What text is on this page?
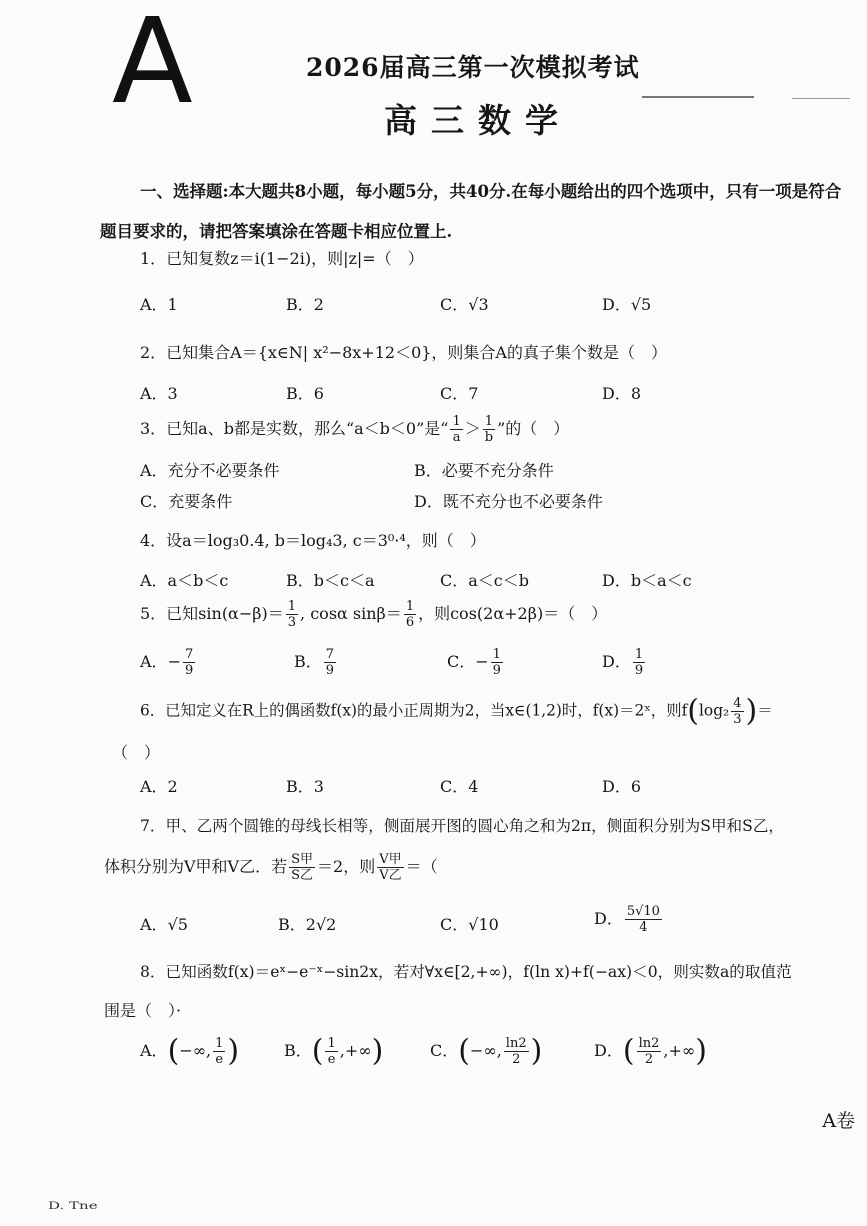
A	2026届高三第一次模拟考试
高三数学
一、选择题:本大题共8小题，每小题5分，共40分.在每小题给出的四个选项中，只有一项是符合题目要求的，请把答案填涂在答题卡相应位置上.
1．已知复数z＝i(1−2i)，则|z|=（　）
A．1	B．2	C．√3	D．√5
2．已知集合A＝{x∈N| x²−8x+12＜0}，则集合A的真子集个数是（　）
A．3	B．6	C．7	D．8
3．已知a、b都是实数，那么“a＜b＜0”是“ $\frac{1}{a} > \frac{1}{b}$ ”的（　）
A．充分不必要条件	B．必要不充分条件
C．充要条件	D．既不充分也不必要条件
4．设a＝log₃0.4, b＝log₄3, c＝3⁰·⁴，则（　）
A．a＜b＜c	B．b＜c＜a	C．a＜c＜b	D．b＜a＜c
5．已知$\sin(\alpha-\beta)= \frac{1}{3}$ , cosα $\sin\beta= \frac{1}{6}$ ，则cos(2α+2β)＝（　）
A．− $\frac{7}{9}$	B． $\frac{7}{9}$	C．− $\frac{1}{9}$	D． $\frac{1}{9}$
6．已知定义在R上的偶函数f(x)的最小正周期为2，当x∈(1,2)时，f(x)＝2ˣ，则$f(\log_2 \frac{4}{3}$ )＝
（　）
A．2	B．3	C．4	D．6
7．甲、乙两个圆锥的母线长相等，侧面展开图的圆心角之和为2π，侧面积分别为S甲和S乙，
体积分别为V甲和V乙．若 $\frac{\text{S甲}}{\text{S乙}} =2$，则 $\frac{\text{V甲}}{\text{V乙}}$ ＝（
A．√5	B．2√2	C．√10	D． $\frac{5√10}{4}$
8．已知函数f(x)＝eˣ−e⁻ˣ−sin2x，若对∀x∈[2,+∞)，f(ln x)+f(−ax)＜0，则实数a的取值范
围是（　）·
A．(−∞, $\frac{1}{e}$ )	B．( $\frac{1}{e}$ ,+∞)	C．(−∞, $\frac{\ln 2}{2}$ )	D．( $\frac{\ln 2}{2}$ ,+∞)
A卷
D. Tne
